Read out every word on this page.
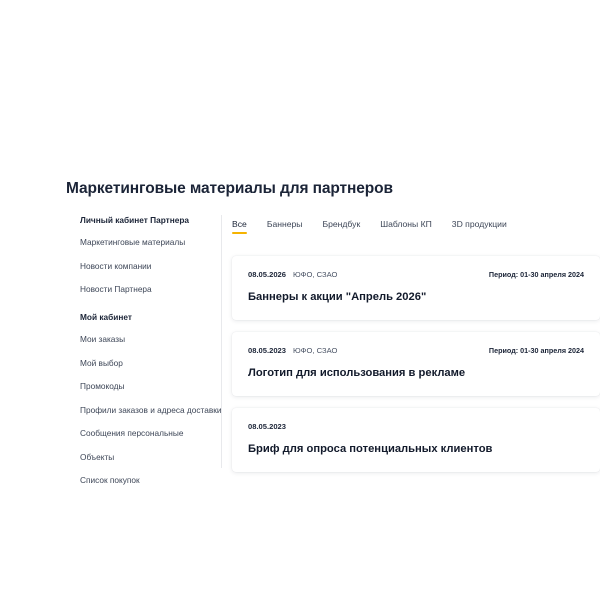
Маркетинговые материалы для партнеров
Личный кабинет Партнера
Маркетинговые материалы
Новости компании
Новости Партнера
Мой кабинет
Мои заказы
Мой выбор
Промокоды
Профили заказов и адреса доставки
Сообщения персональные
Объекты
Список покупок
Все Баннеры Брендбук Шаблоны КП 3D продукции
08.05.2026 ЮФО, СЗАО	Период: 01-30 апреля 2024
Баннеры к акции "Апрель 2026"
08.05.2023 ЮФО, СЗАО	Период: 01-30 апреля 2024
Логотип для использования в рекламе
08.05.2023
Бриф для опроса потенциальных клиентов
